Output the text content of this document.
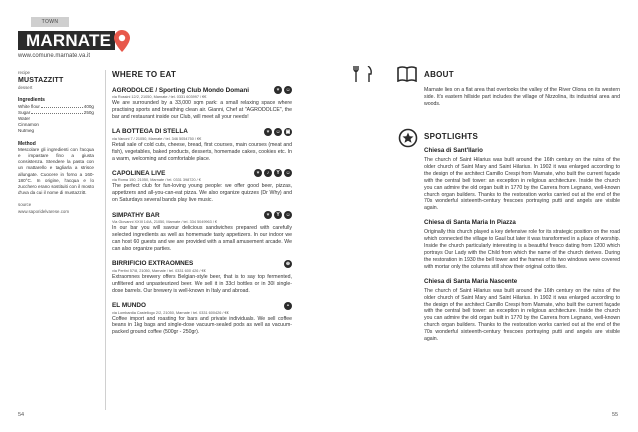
TOWN
MARNATE
www.comune.marnate.va.it
recipe
MUSTAZZITT
dessert
Ingredients
White flour	400g
Sugar	250g
Water
Cinnamon
Nutmeg
Method
Mescolare gli ingredienti con l'acqua e impastare fino a giusta consistenza. Stendere la pasta con un mattarello e tagliarla a strisce allungate. Cuocere in forno a 160-180°C. In origine, l'acqua e lo zucchero erano sostituiti con il mosto d'uva da cui il nome di mustazzitt.
source
www.saporidelvarese.com
WHERE TO EAT
AGRODOLCE / Sporting Club Mondo Domani	⑂	☺
via Rossini 12/2, 21050, Marnate / tel. 0331 603997 / €€
We are surrounded by a 33,000 sqm park: a small relaxing space where practising sports and breathing clean air. Gianni, Chef at "AGRODOLCE", the bar and restaurant inside our Club, will meet all your needs!
LA BOTTEGA DI STELLA	⑂	☺	▣
via Vanoni 7 / 21050, Marnate / tel. 346 5054750 / €€
Retail sale of cold cuts, cheese, bread, first courses, main courses (meat and fish), vegetables, baked products, desserts, homemade cakes, cookies etc. In a warm, welcoming and comfortable place.
CAPOLINEA LIVE	⑂	♪	Y	☺
via Roma 150, 21050, Marnate / tel. 0331 398720 / €
The perfect club for fun-loving young people: we offer good beer, pizzas, appetizers and all-you-can-eat pizza. We also organize quizzes (Dr Why) and on Saturdays several bands play live music.
SIMPATHY BAR	⑂	Y	☺
Via Giovanni XXIII 14/A, 21050, Marnate / tel. 334 5049963 / €
In our bar you will savour delicious sandwiches prepared with carefully selected ingredients as well as homemade tasty appetizers. In our indoor we can host 60 guests and we are provided with a small amusement arcade. We can also organize parties.
BIRRIFICIO EXTRAOMNES	⊕
via Pertini 57/8, 21050, Marnate / tel. 0331 600 426 / €€
Extraomnes brewery offers Belgian-style beer, that is to say top fermented, unfiltered and unpasteurized beer. We sell it in 33cl bottles or in 30l single-dose barrels. Our brewery is well-known in Italy and abroad.
EL MUNDO	◓
via Lombardia Castellogo 2/2, 21050, Marnate / tel. 0331 600426 / €€
Coffee import and roasting for bars and private individuals. We sell coffee beans in 1kg bags and single-dose vacuum-sealed pods as well as vacuum-packed ground coffee (500gr - 250gr).
ABOUT
Marnate lies on a flat area that overlooks the valley of the River Olona on its western side. It's eastern hillside part includes the village of Nizzolina, its industrial area and woods.
SPOTLIGHTS
Chiesa di Sant'Ilario
The church of Saint Hilarius was built around the 16th century on the ruins of the older church of Saint Mary and Saint Hilarius. In 1902 it was enlarged according to the design of the architect Camillo Crespi from Marnate, who built the current façade with the central bell tower: an exception in religious architecture. Inside the church you can admire the old organ built in 1770 by the Carrera from Legnano, well-known church organ builders. Thanks to the restoration works carried out at the end of the 70s wonderful sixteenth-century frescoes portraying putti and angels are visible again.
Chiesa di Santa Maria In Piazza
Originally this church played a key defensive role for its strategic position on the road which connected the village to Gaul but later it was transformed in a place of worship. Inside the church particularly interesting is a beautiful fresco dating from 1200 which portrays Our Lady with the Child from which the name of the church derives. During the restoration in 1930 the bell tower and the frames of its two windows were covered with mortar only the columns still show their original cotto tiles.
Chiesa di Santa Maria Nascente
The church of Saint Hilarius was built around the 16th century on the ruins of the older church of Saint Mary and Saint Hilarius. In 1902 it was enlarged according to the design of the architect Camillo Crespi from Marnate, who built the current façade with the central bell tower: an exception in religious architecture. Inside the church you can admire the old organ built in 1770 by the Carrera from Legnano, well-known church organ builders. Thanks to the restoration works carried out at the end of the 70s wonderful sixteenth-century frescoes portraying putti and angels are visible again.
54	55
